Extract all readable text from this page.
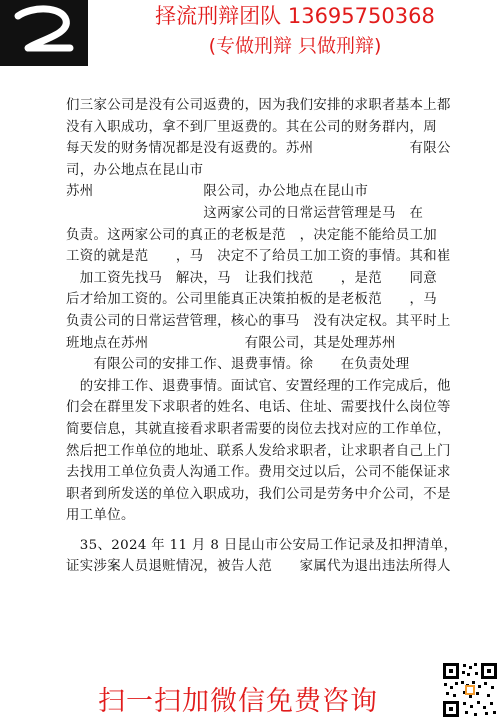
择流刑辩团队 13695750368
(专做刑辩 只做刑辩)

们三家公司是没有公司返费的，因为我们安排的求职者基本上都

没有入职成功，拿不到厂里返费的。其在公司的财务群内，周

每天发的财务情况都是没有返费的。苏州　　　　　　　有限公

司，办公地点在昆山市

苏州　　　　　　　　限公司，办公地点在昆山市

　　　　　　　　　　这两家公司的日常运营管理是马　在

负责。这两家公司的真正的老板是范　，决定能不能给员工加

工资的就是范　　，马　决定不了给员工加工资的事情。其和崔

　加工资先找马　解决，马　让我们找范　　，是范　　同意

后才给加工资的。公司里能真正决策拍板的是老板范　　，马

负责公司的日常运营管理，核心的事马　没有决定权。其平时上

班地点在苏州　　　　　　　有限公司，其是处理苏州

　　有限公司的安排工作、退费事情。徐　　在负责处理

　的安排工作、退费事情。面试官、安置经理的工作完成后，他

们会在群里发下求职者的姓名、电话、住址、需要找什么岗位等

简要信息，其就直接看求职者需要的岗位去找对应的工作单位，

然后把工作单位的地址、联系人发给求职者，让求职者自己上门

去找用工单位负责人沟通工作。费用交过以后，公司不能保证求

职者到所发送的单位入职成功，我们公司是劳务中介公司，不是

用工单位。

　35、2024 年 11 月 8 日昆山市公安局工作记录及扣押清单，

证实涉案人员退赃情况，被告人范　　家属代为退出违法所得人

扫一扫加微信免费咨询
